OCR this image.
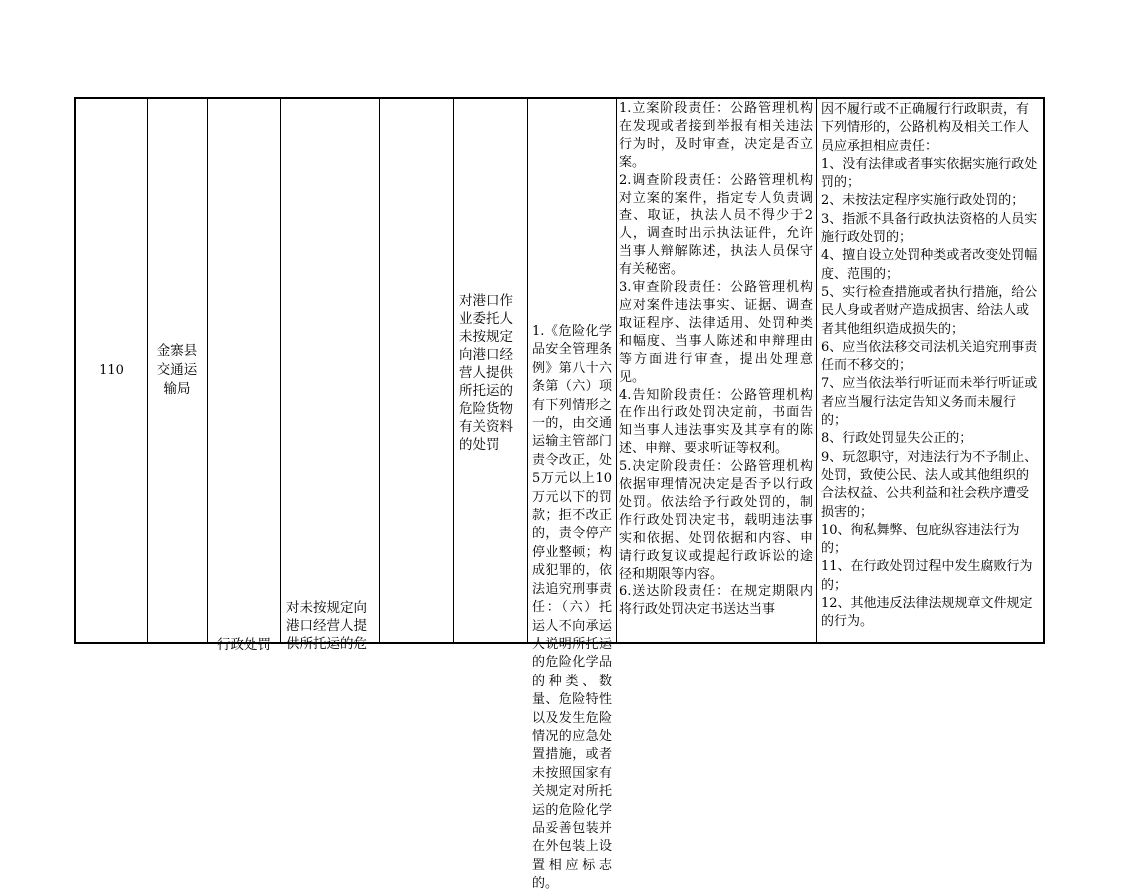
110
金寨县交通运输局
行政处罚
对未按规定向港口经营人提供所托运的危
对港口作业委托人未按规定向港口经营人提供所托运的危险货物有关资料的处罚
1.《危险化学品安全管理条例》第八十六条第（六）项有下列情形之一的，由交通运输主管部门责令改正，处5万元以上10万元以下的罚款；拒不改正的，责令停产停业整顿；构成犯罪的，依法追究刑事责任：（六）托运人不向承运人说明所托运的危险化学品的种类、数量、危险特性以及发生危险情况的应急处置措施，或者未按照国家有关规定对所托运的危险化学品妥善包装并在外包装上设置相应标志的。
1.立案阶段责任：公路管理机构在发现或者接到举报有相关违法行为时，及时审查，决定是否立案。
2.调查阶段责任：公路管理机构对立案的案件，指定专人负责调查、取证，执法人员不得少于2人，调查时出示执法证件，允许当事人辩解陈述，执法人员保守有关秘密。
3.审查阶段责任：公路管理机构应对案件违法事实、证据、调查取证程序、法律适用、处罚种类和幅度、当事人陈述和申辩理由等方面进行审查，提出处理意见。
4.告知阶段责任：公路管理机构在作出行政处罚决定前，书面告知当事人违法事实及其享有的陈述、申辩、要求听证等权利。
5.决定阶段责任：公路管理机构依据审理情况决定是否予以行政处罚。依法给予行政处罚的，制作行政处罚决定书，载明违法事实和依据、处罚依据和内容、申请行政复议或提起行政诉讼的途径和期限等内容。
6.送达阶段责任：在规定期限内将行政处罚决定书送达当事
因不履行或不正确履行行政职责，有下列情形的，公路机构及相关工作人员应承担相应责任：
1、没有法律或者事实依据实施行政处罚的；
2、未按法定程序实施行政处罚的；
3、指派不具备行政执法资格的人员实施行政处罚的；
4、擅自设立处罚种类或者改变处罚幅度、范围的；
5、实行检查措施或者执行措施，给公民人身或者财产造成损害、给法人或者其他组织造成损失的；
6、应当依法移交司法机关追究刑事责任而不移交的；
7、应当依法举行听证而未举行听证或者应当履行法定告知义务而未履行的；
8、行政处罚显失公正的；
9、玩忽职守，对违法行为不予制止、处罚，致使公民、法人或其他组织的合法权益、公共利益和社会秩序遭受损害的；
10、徇私舞弊、包庇纵容违法行为的；
11、在行政处罚过程中发生腐败行为的；
12、其他违反法律法规规章文件规定的行为。
